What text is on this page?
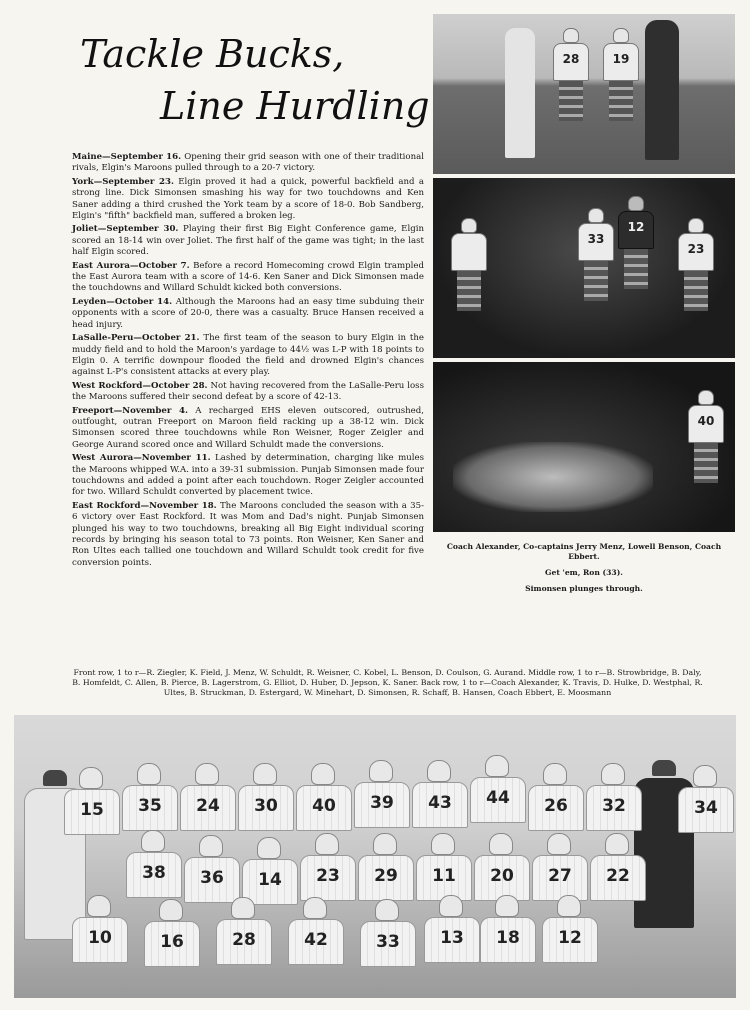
Tackle Bucks,
Line Hurdling

Maine—September 16. Opening their grid season with one of their traditional rivals, Elgin's Maroons pulled through to a 20-7 victory.

York—September 23. Elgin proved it had a quick, powerful backfield and a strong line. Dick Simonsen smashing his way for two touchdowns and Ken Saner adding a third crushed the York team by a score of 18-0. Bob Sandberg, Elgin's "fifth" backfield man, suffered a broken leg.

Joliet—September 30. Playing their first Big Eight Conference game, Elgin scored an 18-14 win over Joliet. The first half of the game was tight; in the last half Elgin scored.

East Aurora—October 7. Before a record Homecoming crowd Elgin trampled the East Aurora team with a score of 14-6. Ken Saner and Dick Simonsen made the touchdowns and Willard Schuldt kicked both conversions.

Leyden—October 14. Although the Maroons had an easy time subduing their opponents with a score of 20-0, there was a casualty. Bruce Hansen received a head injury.

LaSalle-Peru—October 21. The first team of the season to bury Elgin in the muddy field and to hold the Maroon's yardage to 44½ was L-P with 18 points to Elgin 0. A terrific downpour flooded the field and drowned Elgin's chances against L-P's consistent attacks at every play.

West Rockford—October 28. Not having recovered from the LaSalle-Peru loss the Maroons suffered their second defeat by a score of 42-13.

Freeport—November 4. A recharged EHS eleven outscored, outrushed, outfought, outran Freeport on Maroon field racking up a 38-12 win. Dick Simonsen scored three touchdowns while Ron Weisner, Roger Zeigler and George Aurand scored once and Willard Schuldt made the conversions.

West Aurora—November 11. Lashed by determination, charging like mules the Maroons whipped W.A. into a 39-31 submission. Punjab Simonsen made four touchdowns and added a point after each touchdown. Roger Zeigler accounted for two. Willard Schuldt converted by placement twice.

East Rockford—November 18. The Maroons concluded the season with a 35-6 victory over East Rockford. It was Mom and Dad's night. Punjab Simonsen plunged his way to two touchdowns, breaking all Big Eight individual scoring records by bringing his season total to 73 points. Ron Weisner, Ken Saner and Ron Ultes each tallied one touchdown and Willard Schuldt took credit for five conversion points.

28	19
33
12
23
40

Coach Alexander, Co-captains Jerry Menz, Lowell Benson, Coach Ebbert.

Get 'em, Ron (33).

Simonsen plunges through.

Front row, 1 to r—R. Ziegler, K. Field, J. Menz, W. Schuldt, R. Weisner, C. Kobel, L. Benson, D. Coulson, G. Aurand. Middle row, 1 to r—B. Strowbridge, B. Daly, B. Homfeldt, C. Allen, B. Pierce, B. Lagerstrom, G. Elliot, D. Huber, D. Jepson, K. Saner. Back row, 1 to r—Coach Alexander, K. Travis, D. Hulke, D. Westphal, R. Ultes, B. Struckman, D. Estergard, W. Minehart, D. Simonsen, R. Schaff, B. Hansen, Coach Ebbert, E. Moosmann
15	35	24	30	40	39	43	44	26	32	34
38	36	14	23	29	11	20	27	22
10	16	28	42	33	13	18	12
